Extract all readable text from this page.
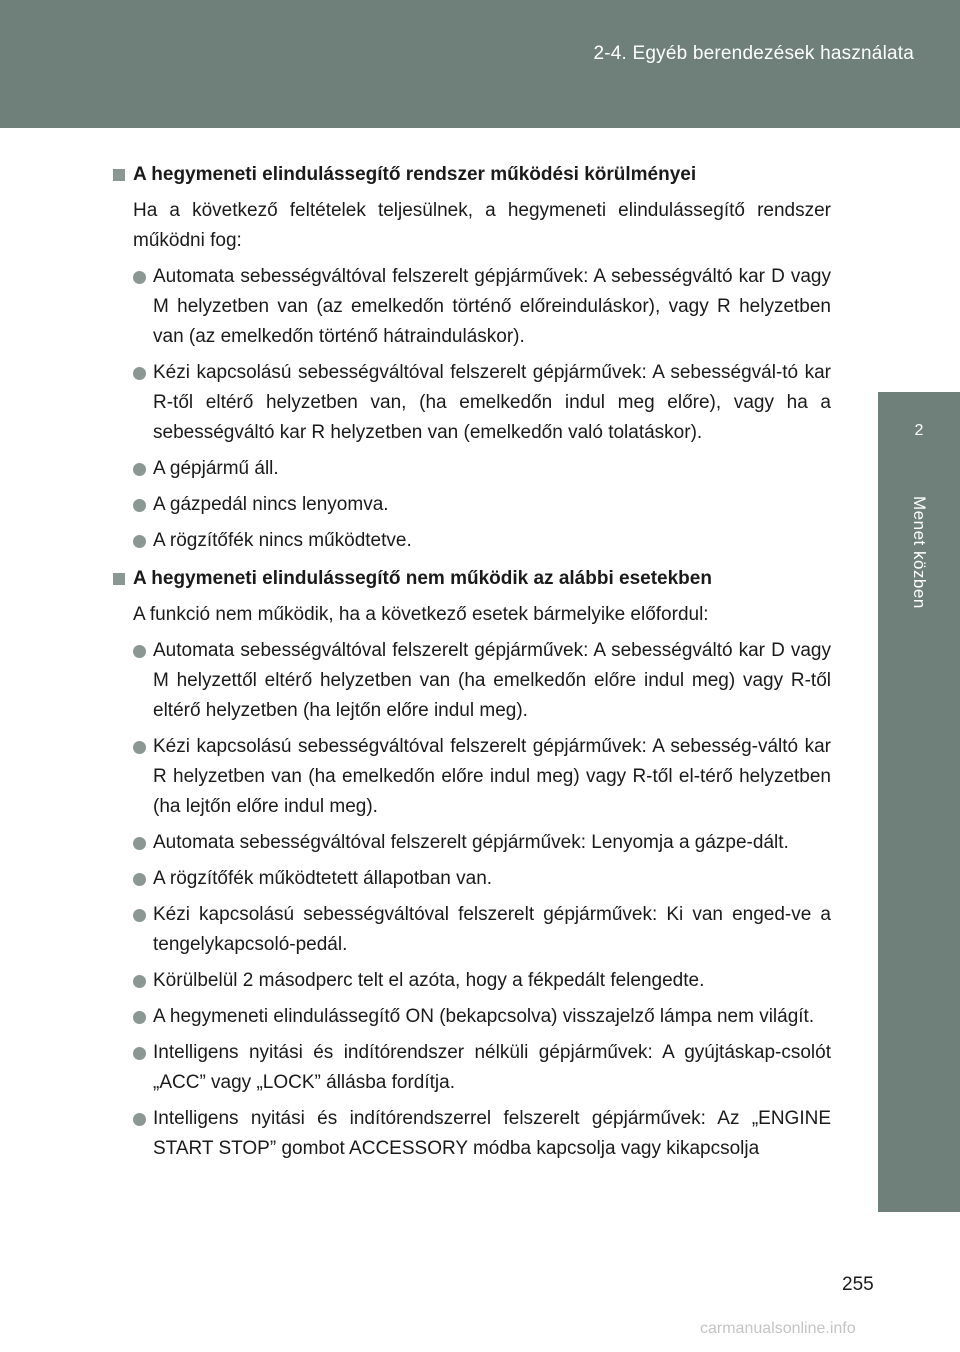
2-4. Egyéb berendezések használata
2
Menet közben
A hegymeneti elindulássegítő rendszer működési körülményei
Ha a következő feltételek teljesülnek, a hegymeneti elindulássegítő rendszer működni fog:
Automata sebességváltóval felszerelt gépjárművek: A sebességváltó kar D vagy M helyzetben van (az emelkedőn történő előreinduláskor), vagy R helyzetben van (az emelkedőn történő hátrainduláskor).
Kézi kapcsolású sebességváltóval felszerelt gépjárművek: A sebességvál-tó kar R-től eltérő helyzetben van, (ha emelkedőn indul meg előre), vagy ha a sebességváltó kar R helyzetben van (emelkedőn való tolatáskor).
A gépjármű áll.
A gázpedál nincs lenyomva.
A rögzítőfék nincs működtetve.
A hegymeneti elindulássegítő nem működik az alábbi esetekben
A funkció nem működik, ha a következő esetek bármelyike előfordul:
Automata sebességváltóval felszerelt gépjárművek: A sebességváltó kar D vagy M helyzettől eltérő helyzetben van (ha emelkedőn előre indul meg) vagy R-től eltérő helyzetben (ha lejtőn előre indul meg).
Kézi kapcsolású sebességváltóval felszerelt gépjárművek: A sebesség-váltó kar R helyzetben van (ha emelkedőn előre indul meg) vagy R-től el-térő helyzetben (ha lejtőn előre indul meg).
Automata sebességváltóval felszerelt gépjárművek: Lenyomja a gázpe-dált.
A rögzítőfék működtetett állapotban van.
Kézi kapcsolású sebességváltóval felszerelt gépjárművek: Ki van enged-ve a tengelykapcsoló-pedál.
Körülbelül 2 másodperc telt el azóta, hogy a fékpedált felengedte.
A hegymeneti elindulássegítő ON (bekapcsolva) visszajelző lámpa nem világít.
Intelligens nyitási és indítórendszer nélküli gépjárművek: A gyújtáskap-csolót „ACC” vagy „LOCK” állásba fordítja.
Intelligens nyitási és indítórendszerrel felszerelt gépjárművek: Az „ENGINE START STOP” gombot ACCESSORY módba kapcsolja vagy kikapcsolja
255
carmanualsonline.info
